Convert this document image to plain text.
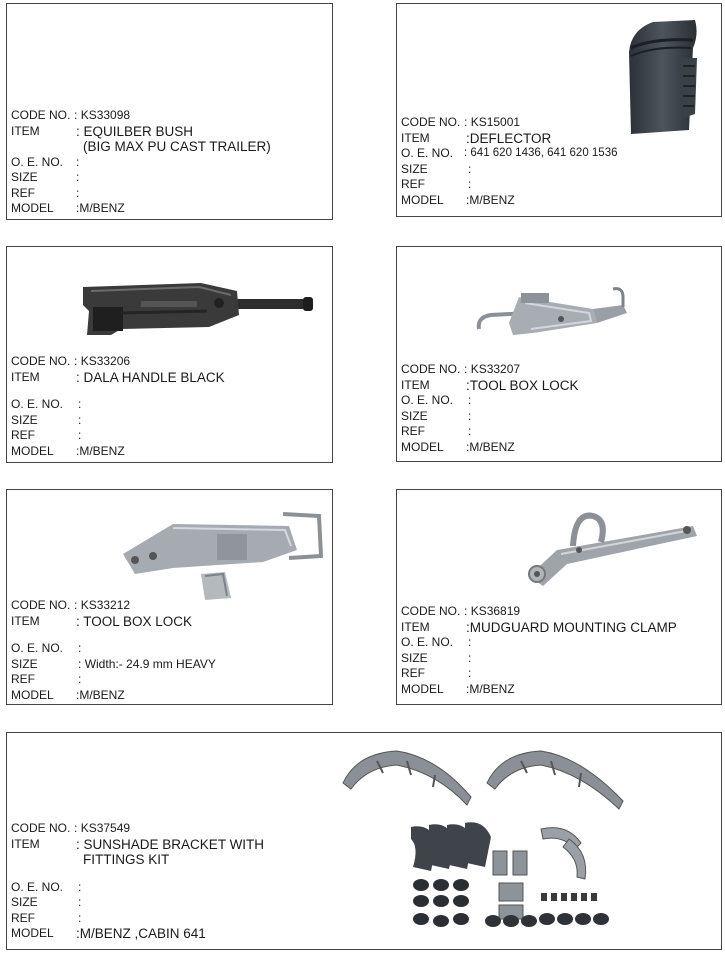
CODE NO. : KS33098
ITEM	: EQUILBER BUSH
(BIG MAX PU CAST TRAILER)
O. E. NO. :
SIZE	:
REF	:
MODEL :M/BENZ
CODE NO. : KS15001
ITEM	:DEFLECTOR
O. E. NO. : 641 620 1436, 641 620 1536
SIZE	:
REF	:
MODEL :M/BENZ
CODE NO. : KS33206
ITEM	: DALA HANDLE BLACK
O. E. NO. :
SIZE	:
REF	:
MODEL :M/BENZ
CODE NO. : KS33207
ITEM	:TOOL BOX LOCK
O. E. NO. :
SIZE	:
REF	:
MODEL :M/BENZ
CODE NO. : KS33212
ITEM	: TOOL BOX LOCK
O. E. NO. :
SIZE	: Width:- 24.9 mm HEAVY
REF	:
MODEL :M/BENZ
CODE NO. : KS36819
ITEM	:MUDGUARD MOUNTING CLAMP
O. E. NO. :
SIZE	:
REF	:
MODEL :M/BENZ
CODE NO. : KS37549
ITEM	: SUNSHADE BRACKET WITH
FITTINGS KIT
O. E. NO. :
SIZE	:
REF	:
MODEL :M/BENZ ,CABIN 641
